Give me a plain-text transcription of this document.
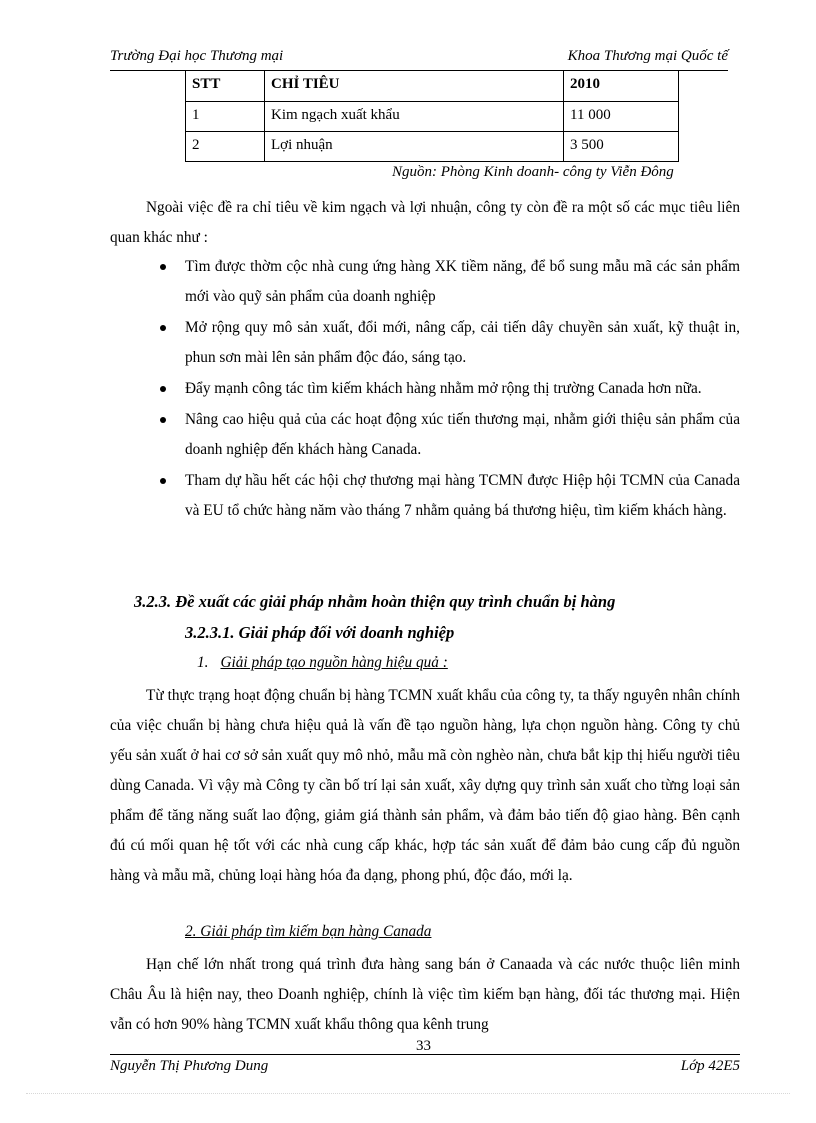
Trường Đại học Thương mại	Khoa Thương mại Quốc tế
STT	CHỈ TIÊU	2010
1	Kim ngạch xuất khẩu	11 000
2	Lợi nhuận	3 500
Nguồn: Phòng Kinh doanh- công ty Viễn Đông

Ngoài việc đề ra chỉ tiêu về kim ngạch và lợi nhuận, công ty còn đề ra một số các mục tiêu liên quan khác như :

Tìm được thờm cộc nhà cung ứng hàng XK tiềm năng, để bổ sung mẫu mã các sản phẩm mới vào quỹ sản phẩm của doanh nghiệp
Mở rộng quy mô sản xuất, đổi mới, nâng cấp, cải tiến dây chuyền sản xuất, kỹ thuật in, phun sơn mài lên sản phẩm độc đáo, sáng tạo.
Đẩy mạnh công tác tìm kiếm khách hàng nhằm mở rộng thị trường Canada hơn nữa.
Nâng cao hiệu quả của các hoạt động xúc tiến thương mại, nhằm giới thiệu sản phẩm của doanh nghiệp đến khách hàng Canada.
Tham dự hầu hết các hội chợ thương mại hàng TCMN được Hiệp hội TCMN của Canada và EU tổ chức hàng năm vào tháng 7 nhằm quảng bá thương hiệu, tìm kiếm khách hàng.
3.2.3. Đề xuất các giải pháp nhằm hoàn thiện quy trình chuẩn bị hàng
3.2.3.1. Giải pháp đối với doanh nghiệp
1. Giải pháp tạo nguồn hàng hiệu quả :

Từ thực trạng hoạt động chuẩn bị hàng TCMN xuất khẩu của công ty, ta thấy nguyên nhân chính của việc chuẩn bị hàng chưa hiệu quả là vấn đề tạo nguồn hàng, lựa chọn nguồn hàng. Công ty chủ yếu sản xuất ở hai cơ sở sản xuất quy mô nhỏ, mẫu mã còn nghèo nàn, chưa bắt kịp thị hiếu người tiêu dùng Canada. Vì vậy mà Công ty cần bố trí lại sản xuất, xây dựng quy trình sản xuất cho từng loại sản phẩm để tăng năng suất lao động, giảm giá thành sản phẩm, và đảm bảo tiến độ giao hàng. Bên cạnh đú cú mối quan hệ tốt với các nhà cung cấp khác, hợp tác sản xuất để đảm bảo cung cấp đủ nguồn hàng và mẫu mã, chủng loại hàng hóa đa dạng, phong phú, độc đáo, mới lạ.

2. Giải pháp tìm kiếm bạn hàng Canada

Hạn chế lớn nhất trong quá trình đưa hàng sang bán ở Canaada và các nước thuộc liên minh Châu Âu là hiện nay, theo Doanh nghiệp, chính là việc tìm kiếm bạn hàng, đối tác thương mại. Hiện vẫn có hơn 90% hàng TCMN xuất khẩu thông qua kênh trung

33
Nguyễn Thị Phương Dung	Lớp 42E5
